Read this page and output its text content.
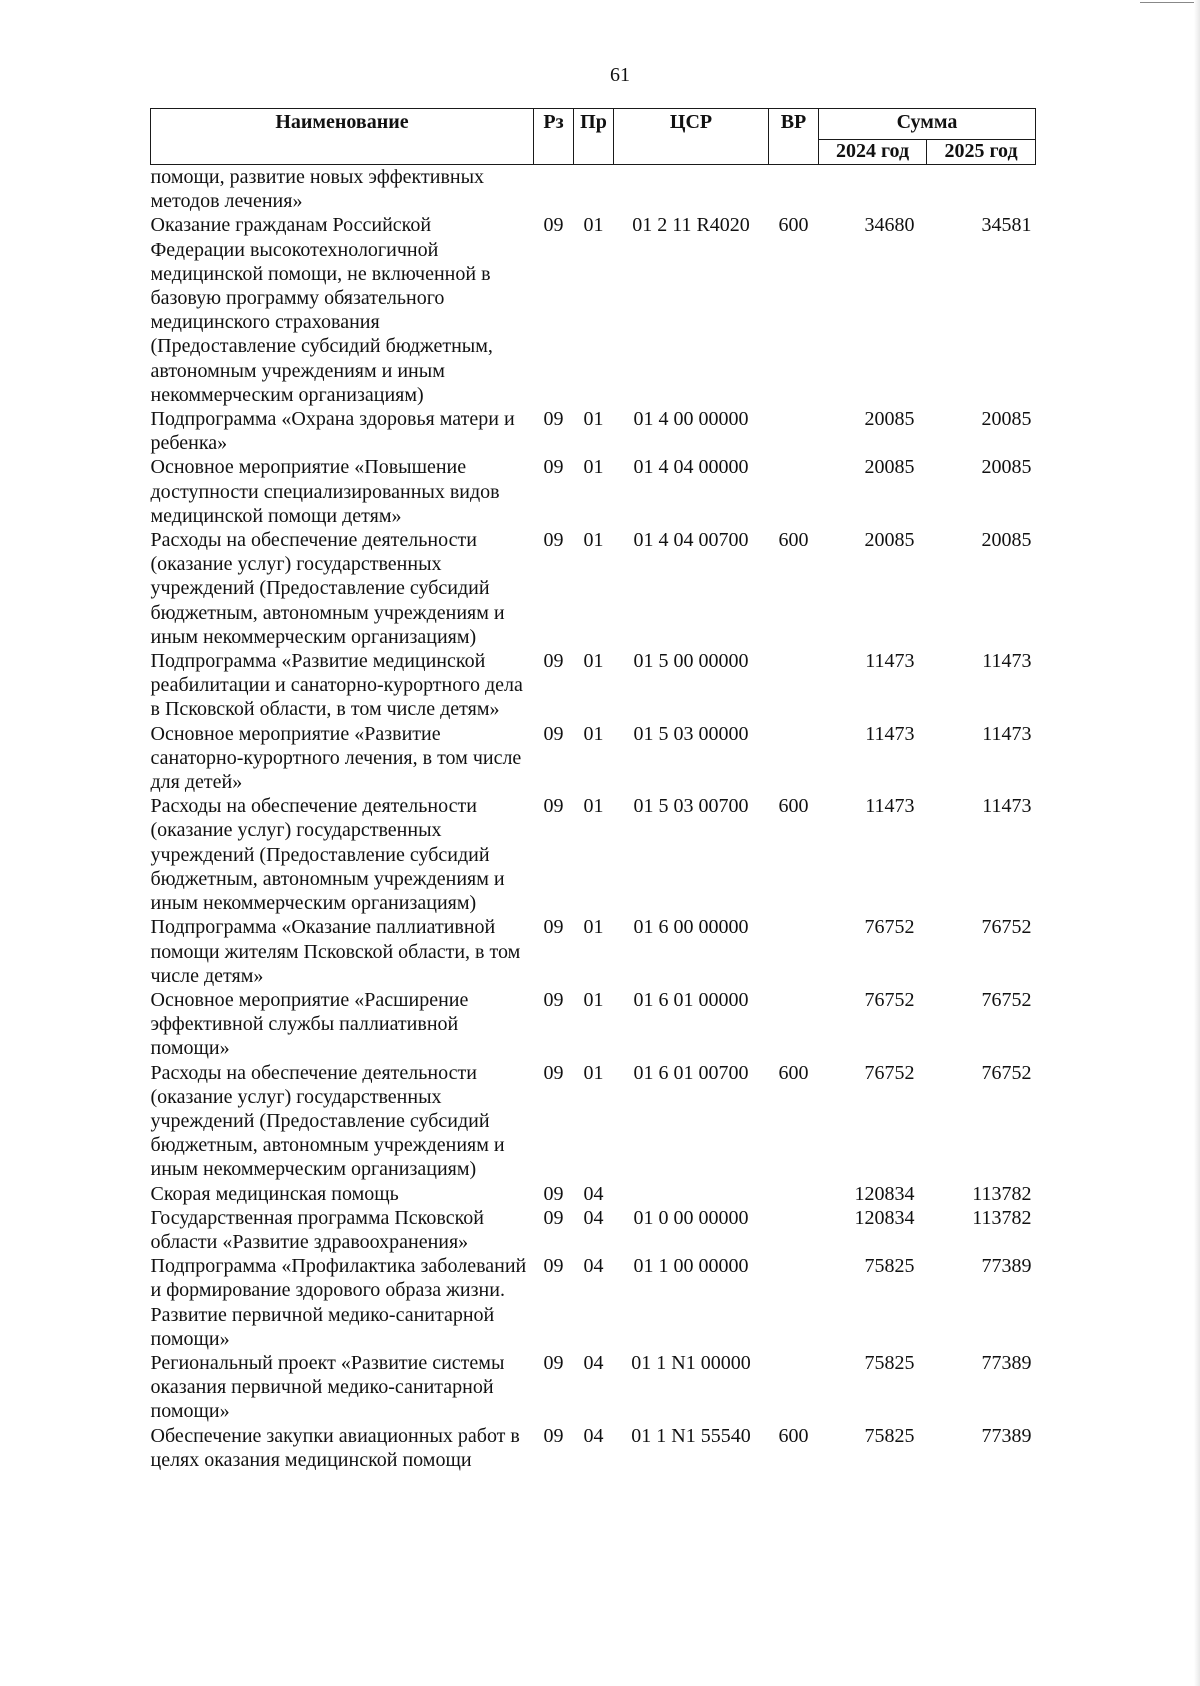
61
Наименование	Рз	Пр	ЦСР	ВР	Сумма	
					2024 год	2025 год
помощи, развитие новых эффективных методов лечения»						
Оказание гражданам Российской Федерации высокотехнологичной медицинской помощи, не включенной в базовую программу обязательного медицинского страхования (Предоставление субсидий бюджетным, автономным учреждениям и иным некоммерческим организациям)	09	01	01 2 11 R4020	600	34680	34581
Подпрограмма «Охрана здоровья матери и ребенка»	09	01	01 4 00 00000		20085	20085
Основное мероприятие «Повышение доступности специализированных видов медицинской помощи детям»	09	01	01 4 04 00000		20085	20085
Расходы на обеспечение деятельности (оказание услуг) государственных учреждений (Предоставление субсидий бюджетным, автономным учреждениям и иным некоммерческим организациям)	09	01	01 4 04 00700	600	20085	20085
Подпрограмма «Развитие медицинской реабилитации и санаторно-курортного дела в Псковской области, в том числе детям»	09	01	01 5 00 00000		11473	11473
Основное мероприятие «Развитие санаторно-курортного лечения, в том числе для детей»	09	01	01 5 03 00000		11473	11473
Расходы на обеспечение деятельности (оказание услуг) государственных учреждений (Предоставление субсидий бюджетным, автономным учреждениям и иным некоммерческим организациям)	09	01	01 5 03 00700	600	11473	11473
Подпрограмма «Оказание паллиативной помощи жителям Псковской области, в том числе детям»	09	01	01 6 00 00000		76752	76752
Основное мероприятие «Расширение эффективной службы паллиативной помощи»	09	01	01 6 01 00000		76752	76752
Расходы на обеспечение деятельности (оказание услуг) государственных учреждений (Предоставление субсидий бюджетным, автономным учреждениям и иным некоммерческим организациям)	09	01	01 6 01 00700	600	76752	76752
Скорая медицинская помощь	09	04			120834	113782
Государственная программа Псковской области «Развитие здравоохранения»	09	04	01 0 00 00000		120834	113782
Подпрограмма «Профилактика заболеваний и формирование здорового образа жизни. Развитие первичной медико-санитарной помощи»	09	04	01 1 00 00000		75825	77389
Региональный проект «Развитие системы оказания первичной медико-санитарной помощи»	09	04	01 1 N1 00000		75825	77389
Обеспечение закупки авиационных работ в целях оказания медицинской помощи	09	04	01 1 N1 55540	600	75825	77389
